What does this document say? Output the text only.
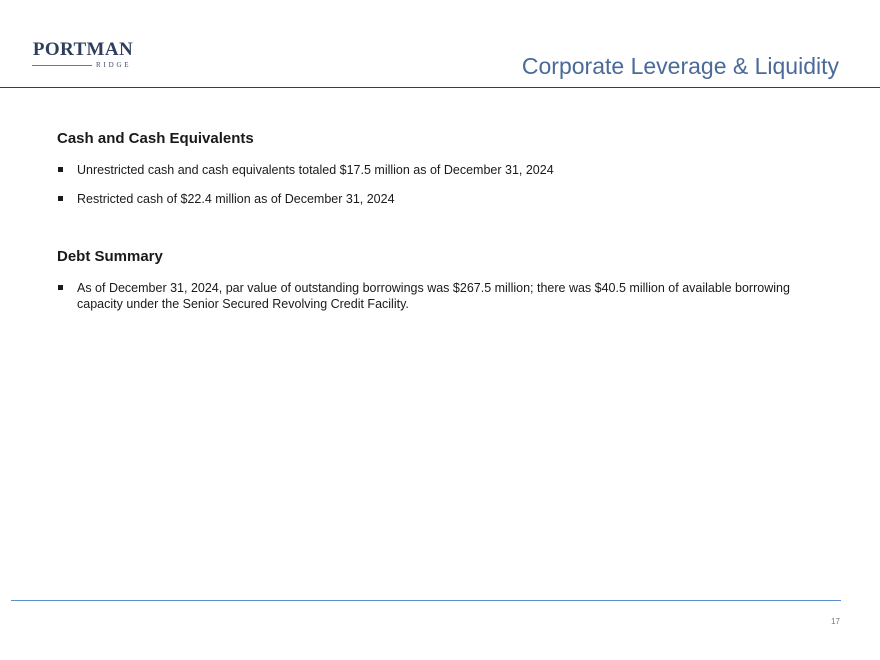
PORTMAN
RIDGE	Corporate Leverage & Liquidity
Cash and Cash Equivalents
Unrestricted cash and cash equivalents totaled $17.5 million as of December 31, 2024
Restricted cash of $22.4 million as of December 31, 2024
Debt Summary
As of December 31, 2024, par value of outstanding borrowings was $267.5 million; there was $40.5 million of available borrowing capacity under the Senior Secured Revolving Credit Facility.
17
